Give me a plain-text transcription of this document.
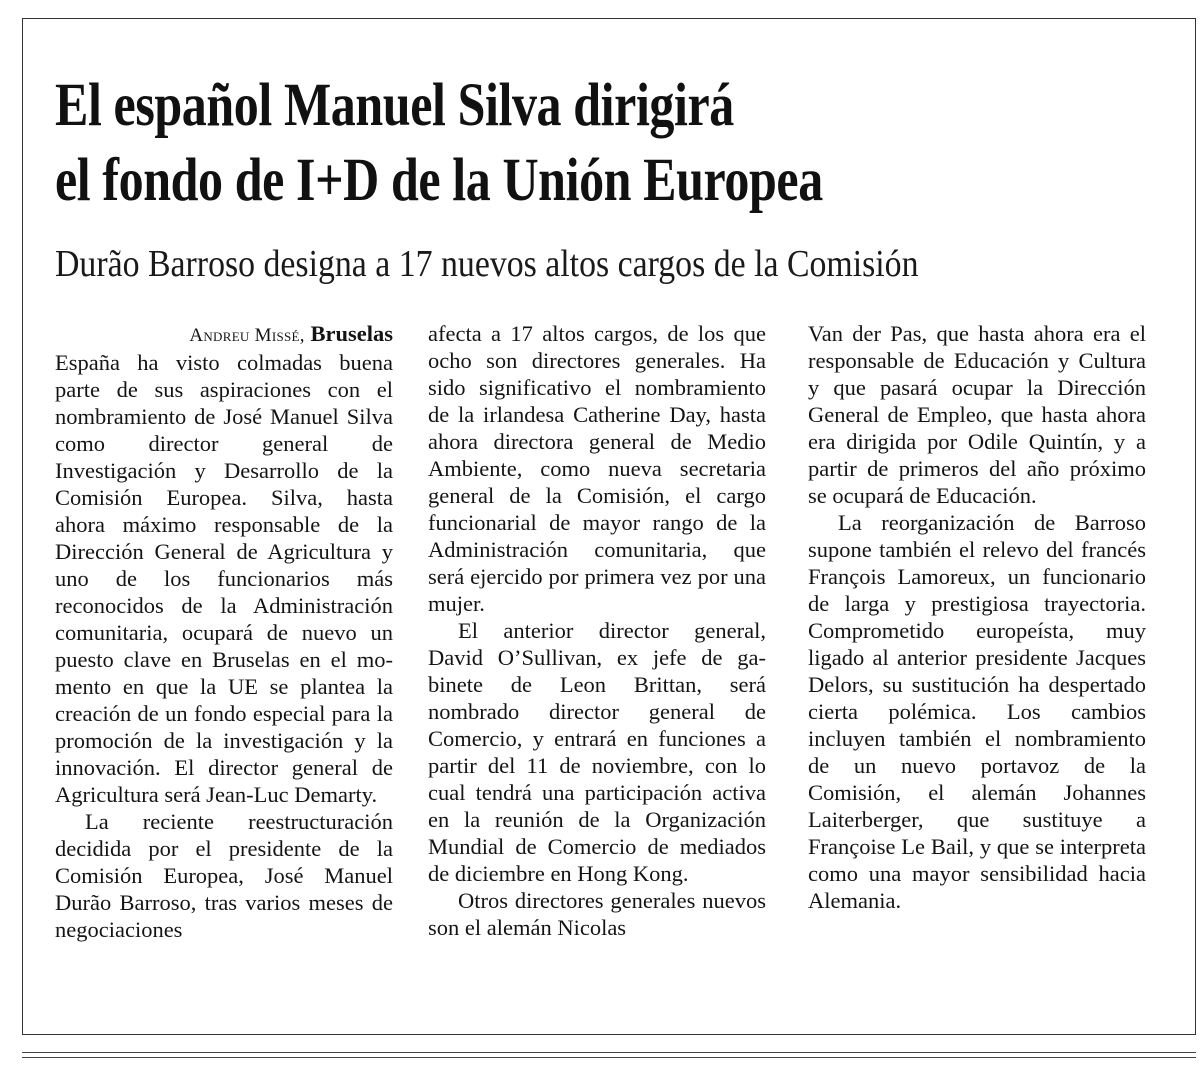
El español Manuel Silva dirigirá
el fondo de I+D de la Unión Europea
Durão Barroso designa a 17 nuevos altos cargos de la Comisión
Andreu Missé, Bruselas

España ha visto colmadas buena parte de sus aspiraciones con el nombramiento de José Manuel Silva como director general de Investigación y Desarrollo de la Comisión Europea. Silva, hasta ahora máximo responsable de la Dirección General de Agricultura y uno de los funcionarios más reconocidos de la Administración comunitaria, ocupará de nuevo un puesto clave en Bruselas en el momento en que la UE se plantea la creación de un fondo especial para la promoción de la investigación y la innovación. El director general de Agricultura será Jean-Luc Demarty.

La reciente reestructuración decidida por el presidente de la Comisión Europea, José Manuel Durão Barroso, tras varios meses de negociaciones

afecta a 17 altos cargos, de los que ocho son directores generales. Ha sido significativo el nombramiento de la irlandesa Catherine Day, hasta ahora directora general de Medio Ambiente, como nueva secretaria general de la Comisión, el cargo funcionarial de mayor rango de la Administración comunitaria, que será ejercido por primera vez por una mujer.

El anterior director general, David O’Sullivan, ex jefe de gabinete de Leon Brittan, será nombrado director general de Comercio, y entrará en funciones a partir del 11 de noviembre, con lo cual tendrá una participación activa en la reunión de la Organización Mundial de Comercio de mediados de diciembre en Hong Kong.

Otros directores generales nuevos son el alemán Nicolas

Van der Pas, que hasta ahora era el responsable de Educación y Cultura y que pasará ocupar la Dirección General de Empleo, que hasta ahora era dirigida por Odile Quintín, y a partir de primeros del año próximo se ocupará de Educación.

La reorganización de Barroso supone también el relevo del francés François Lamoreux, un funcionario de larga y prestigiosa trayectoria. Comprometido europeísta, muy ligado al anterior presidente Jacques Delors, su sustitución ha despertado cierta polémica. Los cambios incluyen también el nombramiento de un nuevo portavoz de la Comisión, el alemán Johannes Laiterberger, que sustituye a Françoise Le Bail, y que se interpreta como una mayor sensibilidad hacia Alemania.
